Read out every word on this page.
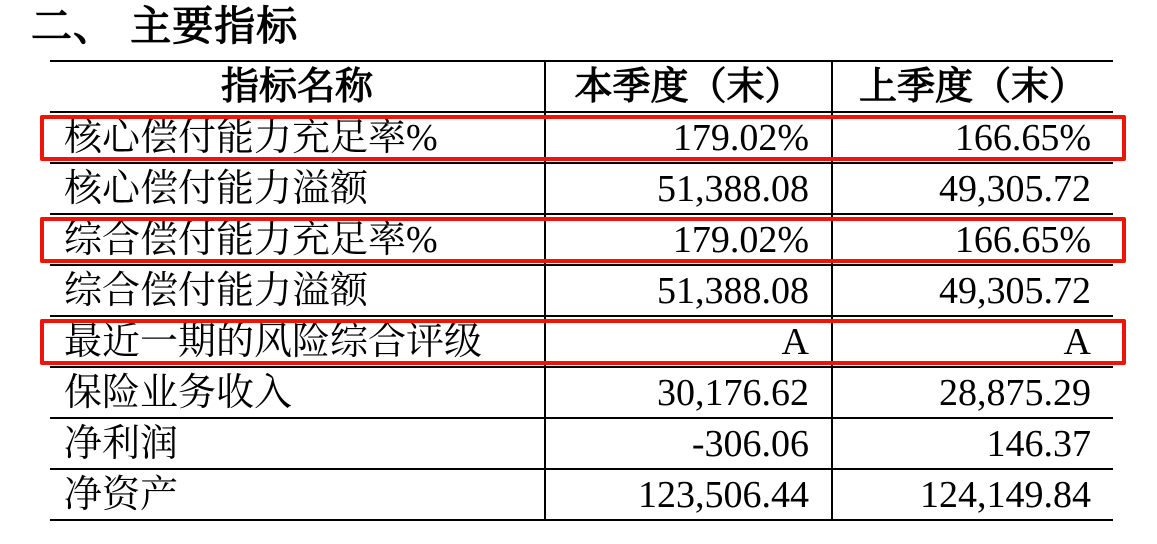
二、 主要指标
指标名称	本季度（末）	上季度（末）
核心偿付能力充足率%	179.02%	166.65%
核心偿付能力溢额	51,388.08	49,305.72
综合偿付能力充足率%	179.02%	166.65%
综合偿付能力溢额	51,388.08	49,305.72
最近一期的风险综合评级	A	A
保险业务收入	30,176.62	28,875.29
净利润	-306.06	146.37
净资产	123,506.44	124,149.84
